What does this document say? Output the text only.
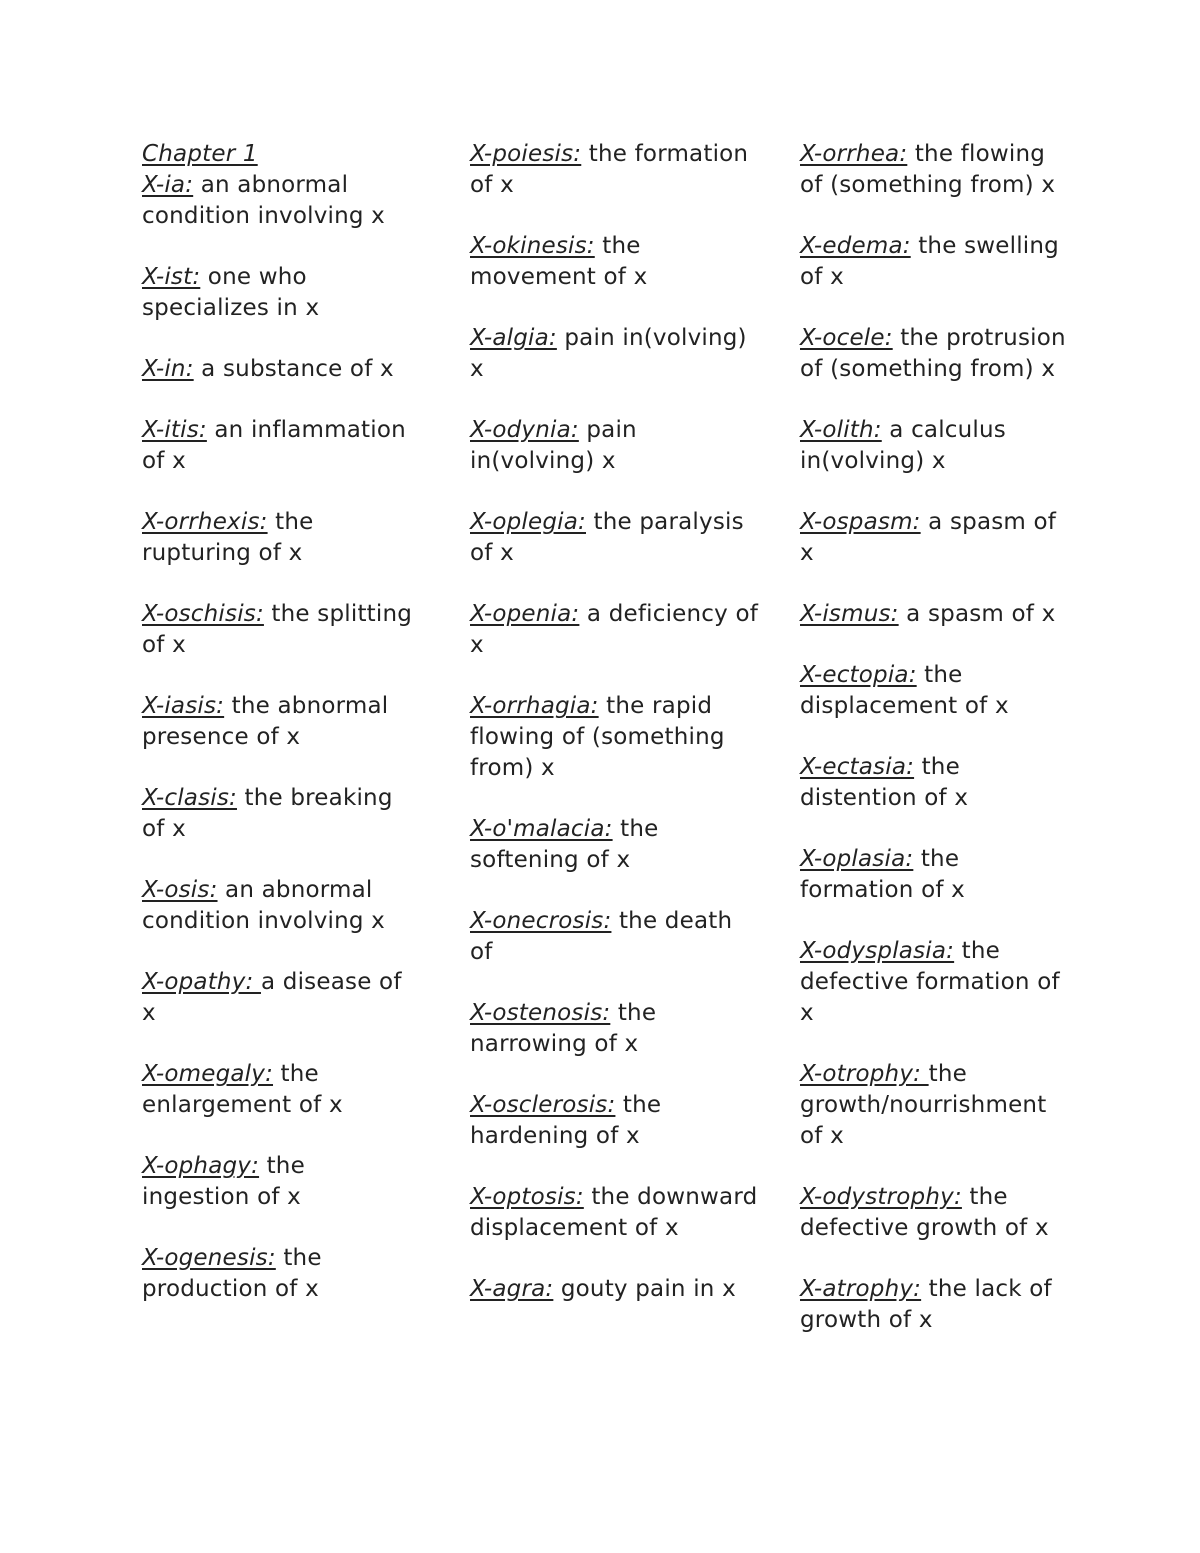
Chapter 1

X-ia: an abnormal condition involving x

X-ist: one who specializes in x

X-in: a substance of x

X-itis: an inflammation of x

X-orrhexis: the rupturing of x

X-oschisis: the splitting of x

X-iasis: the abnormal presence of x

X-clasis: the breaking of x

X-osis: an abnormal condition involving x

X-opathy: a disease of x

X-omegaly: the enlargement of x

X-ophagy: the ingestion of x

X-ogenesis: the production of x

X-poiesis: the formation of x

X-okinesis: the movement of x

X-algia: pain in(volving) x

X-odynia: pain in(volving) x

X-oplegia: the paralysis of x

X-openia: a deficiency of x

X-orrhagia: the rapid flowing of (something from) x

X-o'malacia: the softening of x

X-onecrosis: the death of

X-ostenosis: the narrowing of x

X-osclerosis: the hardening of x

X-optosis: the downward displacement of x

X-agra: gouty pain in x

X-orrhea: the flowing of (something from) x

X-edema: the swelling of x

X-ocele: the protrusion of (something from) x

X-olith: a calculus in(volving) x

X-ospasm: a spasm of x

X-ismus: a spasm of x

X-ectopia: the displacement of x

X-ectasia: the distention of x

X-oplasia: the formation of x

X-odysplasia: the defective formation of x

X-otrophy: the growth/nourrishment of x

X-odystrophy: the defective growth of x

X-atrophy: the lack of growth of x
